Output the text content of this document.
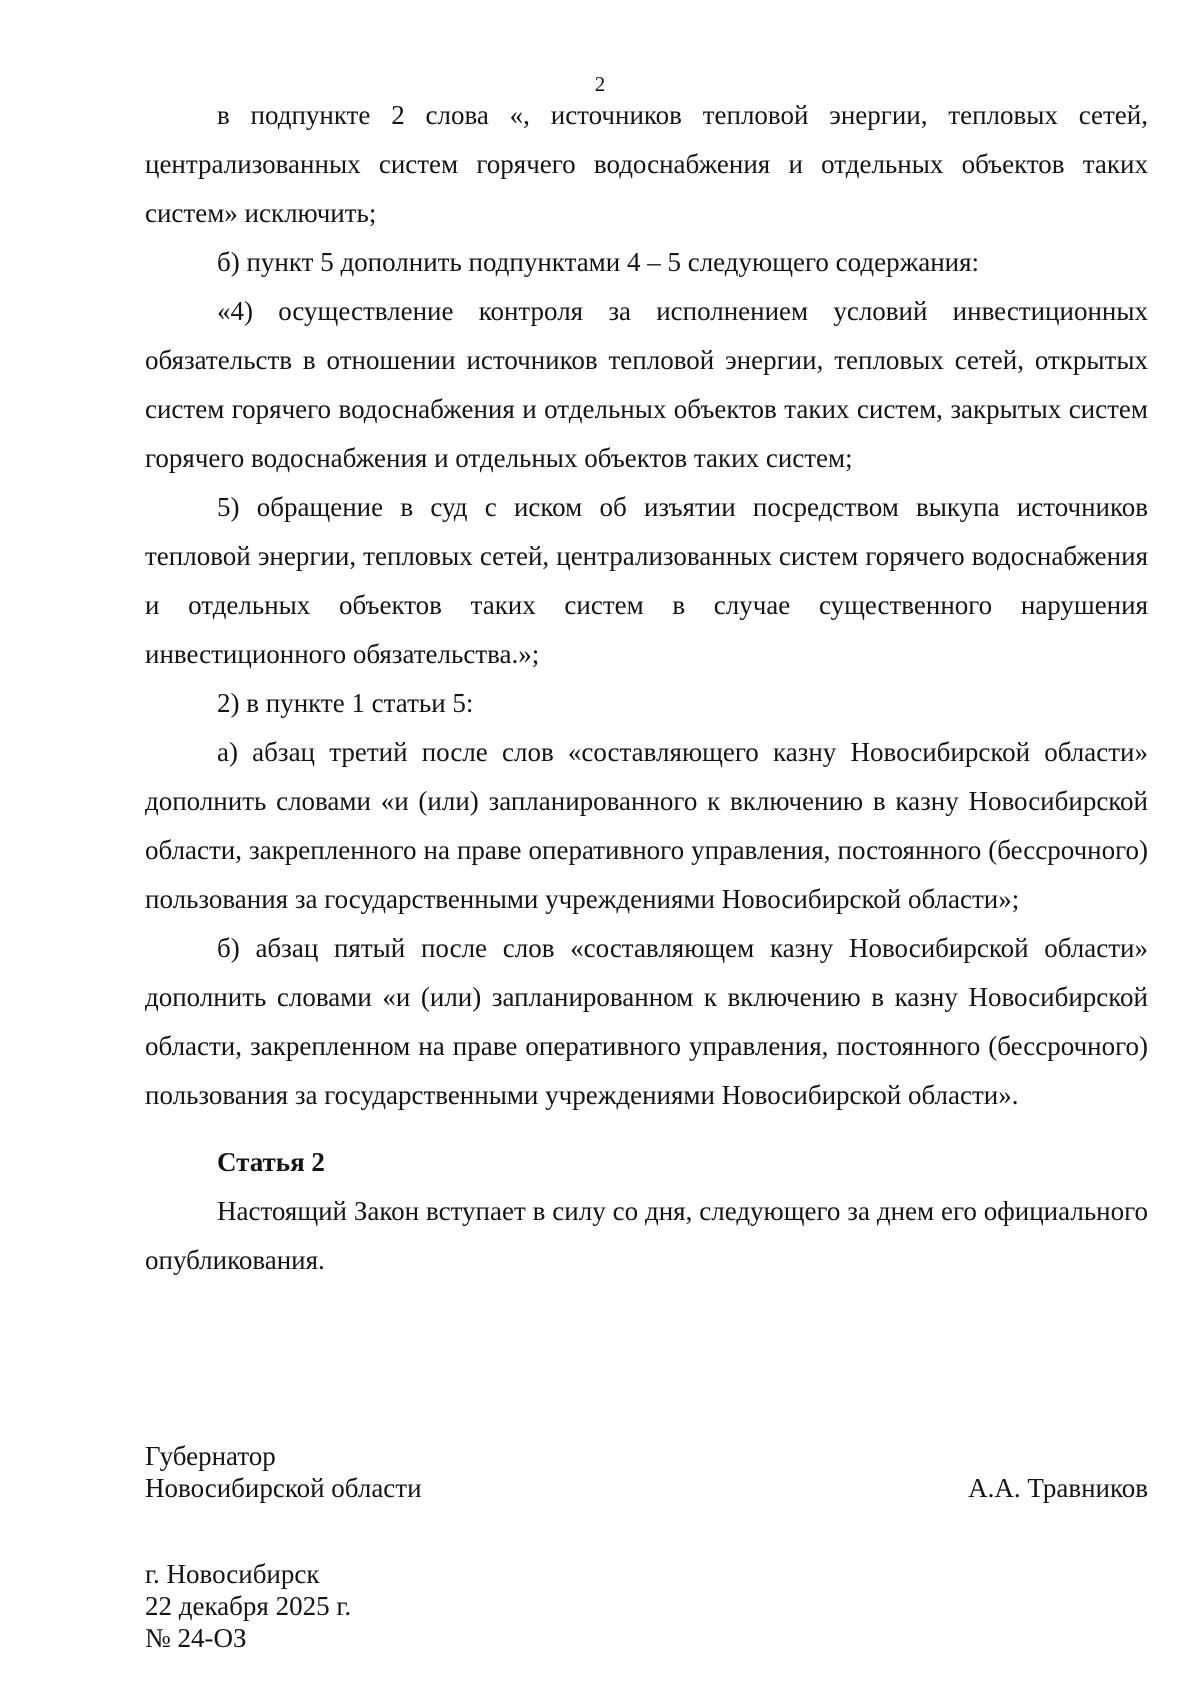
2

в подпункте 2 слова «, источников тепловой энергии, тепловых сетей, централизованных систем горячего водоснабжения и отдельных объектов таких систем» исключить;

б) пункт 5 дополнить подпунктами 4 – 5 следующего содержания:

«4) осуществление контроля за исполнением условий инвестиционных обязательств в отношении источников тепловой энергии, тепловых сетей, открытых систем горячего водоснабжения и отдельных объектов таких систем, закрытых систем горячего водоснабжения и отдельных объектов таких систем;

5) обращение в суд с иском об изъятии посредством выкупа источников тепловой энергии, тепловых сетей, централизованных систем горячего водоснабжения и отдельных объектов таких систем в случае существенного нарушения инвестиционного обязательства.»;

2) в пункте 1 статьи 5:

а) абзац третий после слов «составляющего казну Новосибирской области» дополнить словами «и (или) запланированного к включению в казну Новосибирской области, закрепленного на праве оперативного управления, постоянного (бессрочного) пользования за государственными учреждениями Новосибирской области»;

б) абзац пятый после слов «составляющем казну Новосибирской области» дополнить словами «и (или) запланированном к включению в казну Новосибирской области, закрепленном на праве оперативного управления, постоянного (бессрочного) пользования за государственными учреждениями Новосибирской области».

Статья 2

Настоящий Закон вступает в силу со дня, следующего за днем его официального опубликования.

Губернатор
Новосибирской области	А.А. Травников
г. Новосибирск
22 декабря 2025 г.
№ 24-ОЗ
